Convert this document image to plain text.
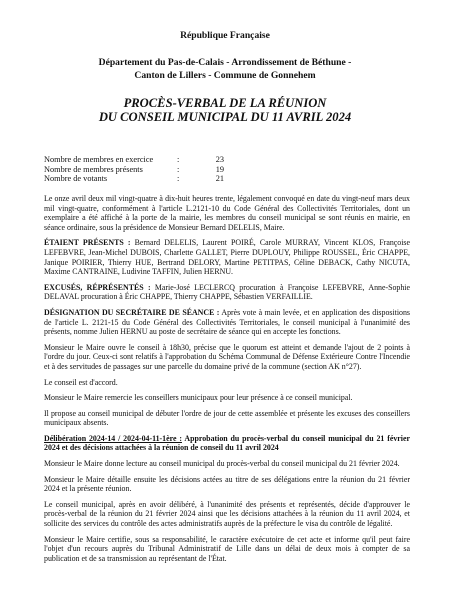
République Française
Département du Pas-de-Calais - Arrondissement de Béthune -
Canton de Lillers - Commune de Gonnehem
PROCÈS-VERBAL DE LA RÉUNION
DU CONSEIL MUNICIPAL DU 11 AVRIL 2024
Nombre de membres en exercice	:	23
Nombre de membres présents	:	19
Nombre de votants	:	21

Le onze avril deux mil vingt-quatre à dix-huit heures trente, légalement convoqué en date du vingt-neuf mars deux mil vingt-quatre, conformément à l'article L.2121-10 du Code Général des Collectivités Territoriales, dont un exemplaire a été affiché à la porte de la mairie, les membres du conseil municipal se sont réunis en mairie, en séance ordinaire, sous la présidence de Monsieur Bernard DELELIS, Maire.

ÉTAIENT PRÉSENTS : Bernard DELELIS, Laurent POIRÉ, Carole MURRAY, Vincent KLOS, Françoise LEFEBVRE, Jean-Michel DUBOIS, Charlette GALLET, Pierre DUPLOUY, Philippe ROUSSEL, Éric CHAPPE, Janique POIRIER, Thierry HUE, Bertrand DELORY, Martine PETITPAS, Céline DEBACK, Cathy NICUTA, Maxime CANTRAINE, Ludivine TAFFIN, Julien HERNU.

EXCUSÉS, RÉPRÉSENTÉS : Marie-José LECLERCQ procuration à Françoise LEFEBVRE, Anne-Sophie DELAVAL procuration à Éric CHAPPE, Thierry CHAPPE, Sébastien VERFAILLIE.

DÉSIGNATION DU SECRÉTAIRE DE SÉANCE : Après vote à main levée, et en application des dispositions de l'article L. 2121-15 du Code Général des Collectivités Territoriales, le conseil municipal à l'unanimité des présents, nomme Julien HERNU au poste de secrétaire de séance qui en accepte les fonctions.

Monsieur le Maire ouvre le conseil à 18h30, précise que le quorum est atteint et demande l'ajout de 2 points à l'ordre du jour. Ceux-ci sont relatifs à l'approbation du Schéma Communal de Défense Extérieure Contre l'Incendie et à des servitudes de passages sur une parcelle du domaine privé de la commune (section AK n°27).

Le conseil est d'accord.

Monsieur le Maire remercie les conseillers municipaux pour leur présence à ce conseil municipal.

Il propose au conseil municipal de débuter l'ordre de jour de cette assemblée et présente les excuses des conseillers municipaux absents.

Délibération 2024-14 / 2024-04-11-1ère : Approbation du procès-verbal du conseil municipal du 21 février 2024 et des décisions attachées à la réunion de conseil du 11 avril 2024

Monsieur le Maire donne lecture au conseil municipal du procès-verbal du conseil municipal du 21 février 2024.

Monsieur le Maire détaille ensuite les décisions actées au titre de ses délégations entre la réunion du 21 février 2024 et la présente réunion.

Le conseil municipal, après en avoir délibéré, à l'unanimité des présents et représentés, décide d'approuver le procès-verbal de la réunion du 21 février 2024 ainsi que les décisions attachées à la réunion du 11 avril 2024, et sollicite des services du contrôle des actes administratifs auprès de la préfecture le visa du contrôle de légalité.

Monsieur le Maire certifie, sous sa responsabilité, le caractère exécutoire de cet acte et informe qu'il peut faire l'objet d'un recours auprès du Tribunal Administratif de Lille dans un délai de deux mois à compter de sa publication et de sa transmission au représentant de l'État.
